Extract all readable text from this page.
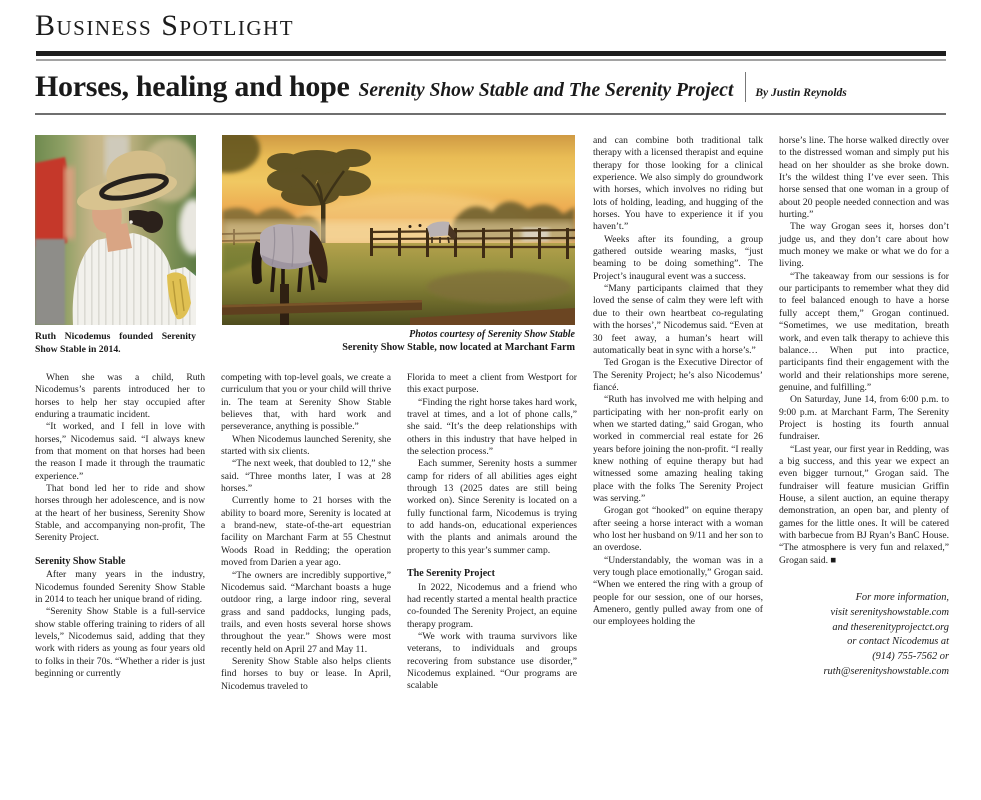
Business Spotlight
Horses, healing and hope Serenity Show Stable and The Serenity Project By Justin Reynolds
Ruth Nicodemus founded Serenity Show Stable in 2014.
Photos courtesy of Serenity Show Stable
Serenity Show Stable, now located at Marchant Farm

When she was a child, Ruth Nicodemus’s parents introduced her to horses to help her stay occupied after enduring a traumatic incident.

“It worked, and I fell in love with horses,” Nicodemus said. “I always knew from that moment on that horses had been the reason I made it through the traumatic experience.”

That bond led her to ride and show horses through her adolescence, and is now at the heart of her business, Serenity Show Stable, and accompanying non-profit, The Serenity Project.

Serenity Show Stable

After many years in the industry, Nicodemus founded Serenity Show Stable in 2014 to teach her unique brand of riding.

“Serenity Show Stable is a full-service show stable offering training to riders of all levels,” Nicodemus said, adding that they work with riders as young as four years old to folks in their 70s. “Whether a rider is just beginning or currently

competing with top-level goals, we create a curriculum that you or your child will thrive in. The team at Serenity Show Stable believes that, with hard work and perseverance, anything is possible.”

When Nicodemus launched Serenity, she started with six clients.

“The next week, that doubled to 12,” she said. “Three months later, I was at 28 horses.”

Currently home to 21 horses with the ability to board more, Serenity is located at a brand-new, state-of-the-art equestrian facility on Marchant Farm at 55 Chestnut Woods Road in Redding; the operation moved from Darien a year ago.

“The owners are incredibly supportive,” Nicodemus said. “Marchant boasts a huge outdoor ring, a large indoor ring, several grass and sand paddocks, lunging pads, trails, and even hosts several horse shows throughout the year.” Shows were most recently held on April 27 and May 11.

Serenity Show Stable also helps clients find horses to buy or lease. In April, Nicodemus traveled to

Florida to meet a client from Westport for this exact purpose.

“Finding the right horse takes hard work, travel at times, and a lot of phone calls,” she said. “It’s the deep relationships with others in this industry that have helped in the selection process.”

Each summer, Serenity hosts a summer camp for riders of all abilities ages eight through 13 (2025 dates are still being worked on). Since Serenity is located on a fully functional farm, Nicodemus is trying to add hands-on, educational experiences with the plants and animals around the property to this year’s summer camp.

The Serenity Project

In 2022, Nicodemus and a friend who had recently started a mental health practice co-founded The Serenity Project, an equine therapy program.

“We work with trauma survivors like veterans, to individuals and groups recovering from substance use disorder,” Nicodemus explained. “Our programs are scalable

and can combine both traditional talk therapy with a licensed therapist and equine therapy for those looking for a clinical experience. We also simply do groundwork with horses, which involves no riding but lots of holding, leading, and hugging of the horses. You have to experience it if you haven’t.”

Weeks after its founding, a group gathered outside wearing masks, “just beaming to be doing something”. The Project’s inaugural event was a success.

“Many participants claimed that they loved the sense of calm they were left with due to their own heartbeat co-regulating with the horses’,” Nicodemus said. “Even at 30 feet away, a human’s heart will automatically beat in sync with a horse’s.”

Ted Grogan is the Executive Director of The Serenity Project; he’s also Nicodemus’ fiancé.

“Ruth has involved me with helping and participating with her non-profit early on when we started dating,” said Grogan, who worked in commercial real estate for 26 years before joining the non-profit. “I really knew nothing of equine therapy but had witnessed some amazing healing taking place with the folks The Serenity Project was serving.”

Grogan got “hooked” on equine therapy after seeing a horse interact with a woman who lost her husband on 9/11 and her son to an overdose.

“Understandably, the woman was in a very tough place emotionally,” Grogan said. “When we entered the ring with a group of people for our session, one of our horses, Amenero, gently pulled away from one of our employees holding the

horse’s line. The horse walked directly over to the distressed woman and simply put his head on her shoulder as she broke down. It’s the wildest thing I’ve ever seen. This horse sensed that one woman in a group of about 20 people needed connection and was hurting.”

The way Grogan sees it, horses don’t judge us, and they don’t care about how much money we make or what we do for a living.

“The takeaway from our sessions is for our participants to remember what they did to feel balanced enough to have a horse fully accept them,” Grogan continued. “Sometimes, we use meditation, breath work, and even talk therapy to achieve this balance… When put into practice, participants find their engagement with the world and their relationships more serene, genuine, and fulfilling.”

On Saturday, June 14, from 6:00 p.m. to 9:00 p.m. at Marchant Farm, The Serenity Project is hosting its fourth annual fundraiser.

“Last year, our first year in Redding, was a big success, and this year we expect an even bigger turnout,” Grogan said. The fundraiser will feature musician Griffin House, a silent auction, an equine therapy demonstration, an open bar, and plenty of games for the little ones. It will be catered with barbecue from BJ Ryan’s BanC House. “The atmosphere is very fun and relaxed,” Grogan said. ■

For more information,
visit serenityshowstable.com
and theserenityprojectct.org
or contact Nicodemus at
(914) 755-7562 or
ruth@serenityshowstable.com
